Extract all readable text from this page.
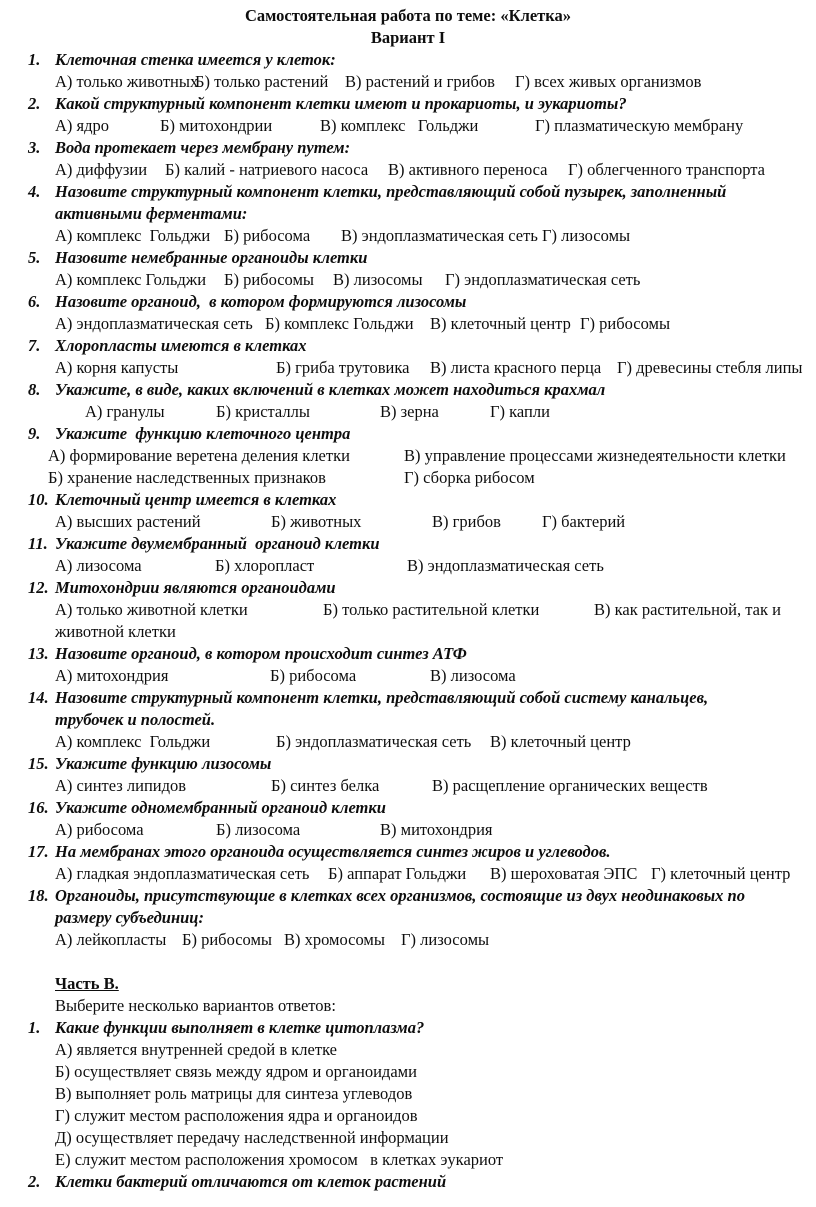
Самостоятельная работа по теме: «Клетка»
Вариант I
1. Клеточная стенка имеется у клеток:
А) только животных
Б) только растений В) растений и грибов Г) всех живых организмов
2. Какой структурный компонент клетки имеют и прокариоты, и эукариоты?
А) ядро	Б) митохондрии	В) комплекс   Гольджи	Г) плазматическую мембрану
3. Вода протекает через мембрану путем:
А) диффузии Б) калий - натриевого насоса В) активного переноса Г) облегченного транспорта
4. Назовите структурный компонент клетки, представляющий собой пузырек, заполненный активными ферментами:
А) комплекс  Гольджи Б) рибосома В) эндоплазматическая сеть Г) лизосомы
5. Назовите немебранные органоиды клетки
А) комплекс Гольджи Б) рибосомы В) лизосомы Г) эндоплазматическая сеть
6. Назовите органоид,  в котором формируются лизосомы
А) эндоплазматическая сеть Б) комплекс Гольджи В) клеточный центр Г) рибосомы
7. Хлоропласты имеются в клетках
А) корня капусты	Б) гриба трутовика В) листа красного перца Г) древесины стебля липы
8. Укажите, в виде, каких включений в клетках может находиться крахмал
А) гранулы	Б) кристаллы	В) зерна	Г) капли
9. Укажите  функцию клеточного центра
А) формирование веретена деления клетки	В) управление процессами жизнедеятельности клетки
Б) хранение наследственных признаков	Г) сборка рибосом
10. Клеточный центр имеется в клетках
А) высших растений	Б) животных	В) грибов Г) бактерий
11. Укажите двумембранный  органоид клетки
А) лизосома	Б) хлоропласт	В) эндоплазматическая сеть
12. Митохондрии являются органоидами
А) только животной клетки	Б) только растительной клетки	В) как растительной, так и
животной клетки
13. Назовите органоид, в котором происходит синтез АТФ
А) митохондрия	Б) рибосома	В) лизосома
14. Назовите структурный компонент клетки, представляющий собой систему канальцев, трубочек и полостей.
А) комплекс  Гольджи	Б) эндоплазматическая сеть В) клеточный центр
15. Укажите функцию лизосомы
А) синтез липидов	Б) синтез белка	В) расщепление органических веществ
16. Укажите одномембранный органоид клетки
А) рибосома	Б) лизосома	В) митохондрия
17. На мембранах этого органоида осуществляется синтез жиров и углеводов.
А) гладкая эндоплазматическая сеть Б) аппарат Гольджи В) шероховатая ЭПС Г) клеточный центр
18. Органоиды, присутствующие в клетках всех организмов, состоящие из двух неодинаковых по размеру субъединиц:
А) лейкопласты Б) рибосомы В) хромосомы Г) лизосомы
Часть В.
Выберите несколько вариантов ответов:
1. Какие функции выполняет в клетке цитоплазма?
А) является внутренней средой в клетке
Б) осуществляет связь между ядром и органоидами
В) выполняет роль матрицы для синтеза углеводов
Г) служит местом расположения ядра и органоидов
Д) осуществляет передачу наследственной информации
Е) служит местом расположения хромосом   в клетках эукариот
2. Клетки бактерий отличаются от клеток растений
